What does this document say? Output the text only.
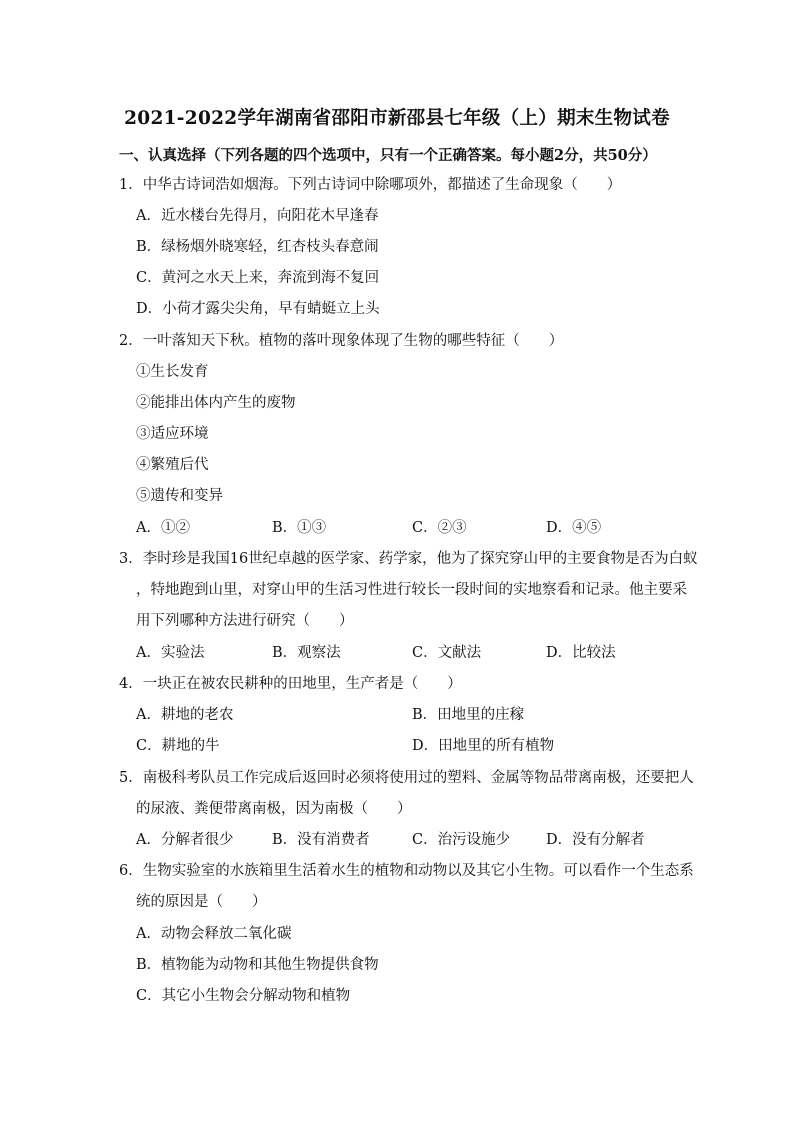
2021-2022学年湖南省邵阳市新邵县七年级（上）期末生物试卷
一、认真选择（下列各题的四个选项中，只有一个正确答案。每小题2分，共50分）
1．中华古诗词浩如烟海。下列古诗词中除哪项外，都描述了生命现象（　　）
A．近水楼台先得月，向阳花木早逢春
B．绿杨烟外晓寒轻，红杏枝头春意闹
C．黄河之水天上来，奔流到海不复回
D．小荷才露尖尖角，早有蜻蜓立上头
2．一叶落知天下秋。植物的落叶现象体现了生物的哪些特征（　　）
①生长发育
②能排出体内产生的废物
③适应环境
④繁殖后代
⑤遗传和变异
A．①②	B．①③	C．②③	D．④⑤
3．李时珍是我国16世纪卓越的医学家、药学家，他为了探究穿山甲的主要食物是否为白蚁
，特地跑到山里，对穿山甲的生活习性进行较长一段时间的实地察看和记录。他主要采
用下列哪种方法进行研究（　　）
A．实验法	B．观察法	C．文献法	D．比较法
4．一块正在被农民耕种的田地里，生产者是（　　）
A．耕地的老农	B．田地里的庄稼
C．耕地的牛	D．田地里的所有植物
5．南极科考队员工作完成后返回时必须将使用过的塑料、金属等物品带离南极，还要把人
的尿液、粪便带离南极，因为南极（　　）
A．分解者很少	B．没有消费者	C．治污设施少 D．没有分解者
6．生物实验室的水族箱里生活着水生的植物和动物以及其它小生物。可以看作一个生态系
统的原因是（　　）
A．动物会释放二氧化碳
B．植物能为动物和其他生物提供食物
C．其它小生物会分解动物和植物
